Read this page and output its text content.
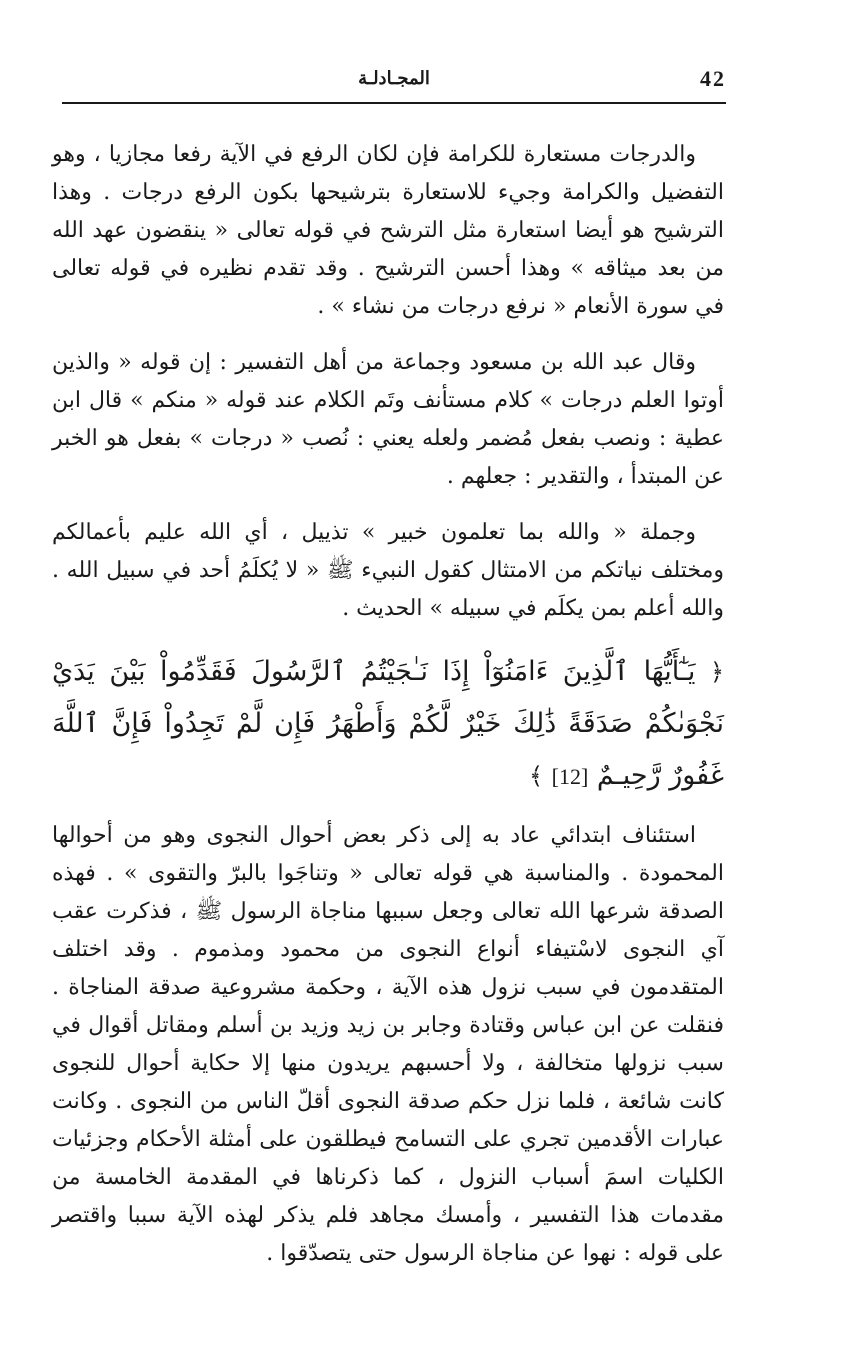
42
المجـادلـة

والدرجات مستعارة للكرامة فإن لكان الرفع في الآية رفعا مجازيا ، وهو التفضيل والكرامة وجيء للاستعارة بترشيحها بكون الرفع درجات . وهذا الترشيح هو أيضا استعارة مثل الترشح في قوله تعالى « ينقضون عهد الله من بعد ميثاقه » وهذا أحسن الترشيح . وقد تقدم نظيره في قوله تعالى في سورة الأنعام « نرفع درجات من نشاء » .

وقال عبد الله بن مسعود وجماعة من أهل التفسير : إن قوله « والذين أوتوا العلم درجات » كلام مستأنف وتَم الكلام عند قوله « منكم » قال ابن عطية : ونصب بفعل مُضمر ولعله يعني : نُصب « درجات » بفعل هو الخبر عن المبتدأ ، والتقدير : جعلهم .

وجملة « والله بما تعلمون خبير » تذييل ، أي الله عليم بأعمالكم ومختلف نياتكم من الامتثال كقول النبيء ﷺ « لا يُكلَمُ أحد في سبيل الله . والله أعلم بمن يكلَم في سبيله » الحديث .

﴿ يَـٰٓأَيُّهَا ٱلَّذِينَ ءَامَنُوٓاْ إِذَا نَـٰجَيْتُمُ ٱلرَّسُولَ فَقَدِّمُواْ بَيْنَ يَدَيْ نَجْوَىٰكُمْ صَدَقَةً ذَٰلِكَ خَيْرٌ لَّكُمْ وَأَطْهَرُ فَإِن لَّمْ تَجِدُواْ فَإِنَّ ٱللَّهَ غَفُورٌ رَّحِيـمٌ [12] ﴾

استئناف ابتدائي عاد به إلى ذكر بعض أحوال النجوى وهو من أحوالها المحمودة . والمناسبة هي قوله تعالى « وتناجَوا بالبرّ والتقوى » . فهذه الصدقة شرعها الله تعالى وجعل سببها مناجاة الرسول ﷺ ، فذكرت عقب آي النجوى لاسْتيفاء أنواع النجوى من محمود ومذموم . وقد اختلف المتقدمون في سبب نزول هذه الآية ، وحكمة مشروعية صدقة المناجاة . فنقلت عن ابن عباس وقتادة وجابر بن زيد وزيد بن أسلم ومقاتل أقوال في سبب نزولها متخالفة ، ولا أحسبهم يريدون منها إلا حكاية أحوال للنجوى كانت شائعة ، فلما نزل حكم صدقة النجوى أقلّ الناس من النجوى . وكانت عبارات الأقدمين تجري على التسامح فيطلقون على أمثلة الأحكام وجزئيات الكليات اسمَ أسباب النزول ، كما ذكرناها في المقدمة الخامسة من مقدمات هذا التفسير ، وأمسك مجاهد فلم يذكر لهذه الآية سببا واقتصر على قوله : نهوا عن مناجاة الرسول حتى يتصدّقوا .
